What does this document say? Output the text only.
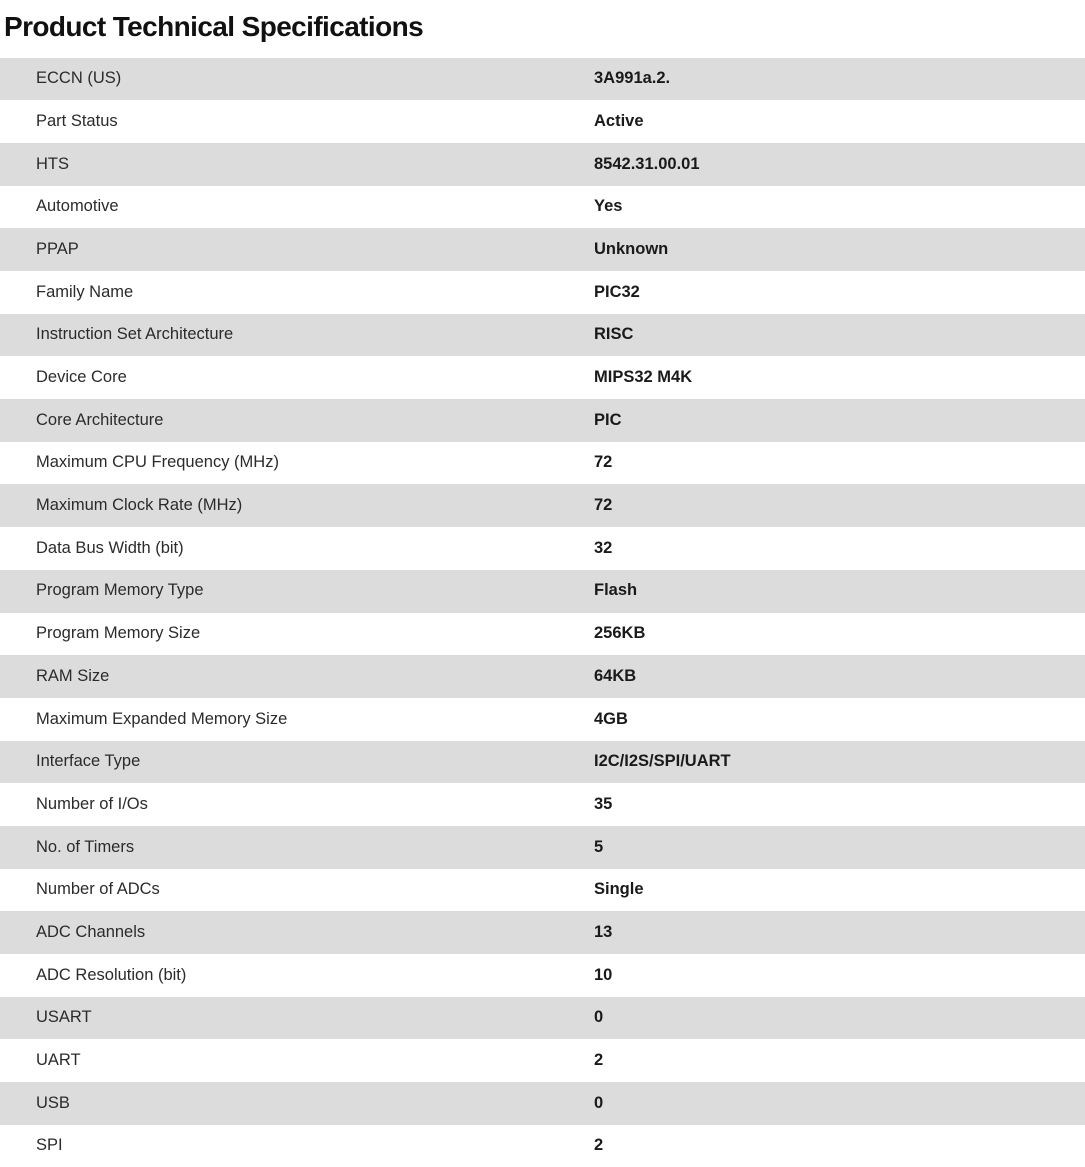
Product Technical Specifications
ECCN (US)	3A991a.2.
Part Status	Active
HTS	8542.31.00.01
Automotive	Yes
PPAP	Unknown
Family Name	PIC32
Instruction Set Architecture	RISC
Device Core	MIPS32 M4K
Core Architecture	PIC
Maximum CPU Frequency (MHz)	72
Maximum Clock Rate (MHz)	72
Data Bus Width (bit)	32
Program Memory Type	Flash
Program Memory Size	256KB
RAM Size	64KB
Maximum Expanded Memory Size	4GB
Interface Type	I2C/I2S/SPI/UART
Number of I/Os	35
No. of Timers	5
Number of ADCs	Single
ADC Channels	13
ADC Resolution (bit)	10
USART	0
UART	2
USB	0
SPI	2
